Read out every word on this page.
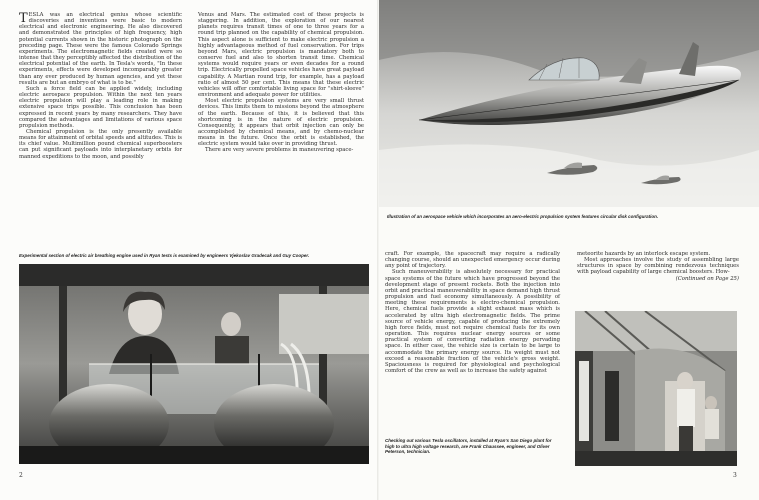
TESLA was an electrical genius whose scientific discoveries and inventions were basic to modern electrical and electronic engineering. He also discovered and demonstrated the principles of high frequency, high potential currents shown in the historic photograph on the preceding page. These were the famous Colorado Springs experiments. The electromagnetic fields created were so intense that they perceptibly affected the distribution of the electrical potential of the earth. In Tesla's words, "In these experiments, effects were developed incomparably greater than any ever produced by human agencies, and yet these results are but an embryo of what is to be."

Such a force field can be applied widely, including electric aerospace propulsion. Within the next ten years electric propulsion will play a leading role in making extensive space trips possible. This conclusion has been expressed in recent years by many researchers. They have compared the advantages and limitations of various space propulsion methods.

Chemical propulsion is the only presently available means for attainment of orbital speeds and altitudes. This is its chief value. Multimillion pound chemical superboosters can put significant payloads into interplanetary orbits for manned expeditions to the moon, and possibly

Venus and Mars. The estimated cost of these projects is staggering. In addition, the exploration of our nearest planets requires transit times of one to three years for a round trip planned on the capability of chemical propulsion. This aspect alone is sufficient to make electric propulsion a highly advantageous method of fuel conservation. For trips beyond Mars, electric propulsion is mandatory both to conserve fuel and also to shorten transit time. Chemical systems would require years or even decades for a round trip. Electrically propelled space vehicles have great payload capability. A Martian round trip, for example, has a payload ratio of almost 50 per cent. This means that these electric vehicles will offer comfortable living space for "shirt-sleeve" environment and adequate power for utilities.

Most electric propulsion systems are very small thrust devices. This limits them to missions beyond the atmosphere of the earth. Because of this, it is believed that this shortcoming is in the nature of electric propulsion. Consequently, it appears that orbit injection can only be accomplished by chemical means, and by chemo-nuclear means in the future. Once the orbit is established, the electric system would take over in providing thrust.

There are very severe problems in maneuvering space-

Experimental section of electric air breathing engine used in Ryan tests is examined by engineers Vjekoslav Gradecak and Guy Cooper.

2

Illustration of an aerospace vehicle which incorporates an aero-electric propulsion system features circular disk configuration.

craft. For example, the spacecraft may require a radically changing course, should an unexpected emergency occur during any point of trajectory.

Such maneuverability is absolutely necessary for practical space systems of the future which have progressed beyond the development stage of present rockets. Both the injection into orbit and practical maneuverability in space demand high thrust propulsion and fuel economy simultaneously. A possibility of meeting these requirements is electro-chemical propulsion. Here, chemical fuels provide a slight exhaust mass which is accelerated by ultra high electromagnetic fields. The prime source of vehicle energy, capable of producing the extremely high force fields, must not require chemical fuels for its own operation. This requires nuclear energy sources or some practical system of converting radiation energy pervading space. In either case, the vehicle size is certain to be large to accommodate the primary energy source. Its weight must not exceed a reasonable fraction of the vehicle's gross weight. Spaciousness is required for physiological and psychological comfort of the crew as well as to increase the safety against

meteorite hazards by an interlock escape system.

Most approaches involve the study of assembling large structures in space by combining rendezvous techniques with payload capability of large chemical boosters. How-

(Continued on Page 25)

Checking out various Tesla oscillators, installed at Ryan's San Diego plant for high to ultra high voltage research, are Frank Chaussee, engineer, and Oliver Peterson, technician.

3
